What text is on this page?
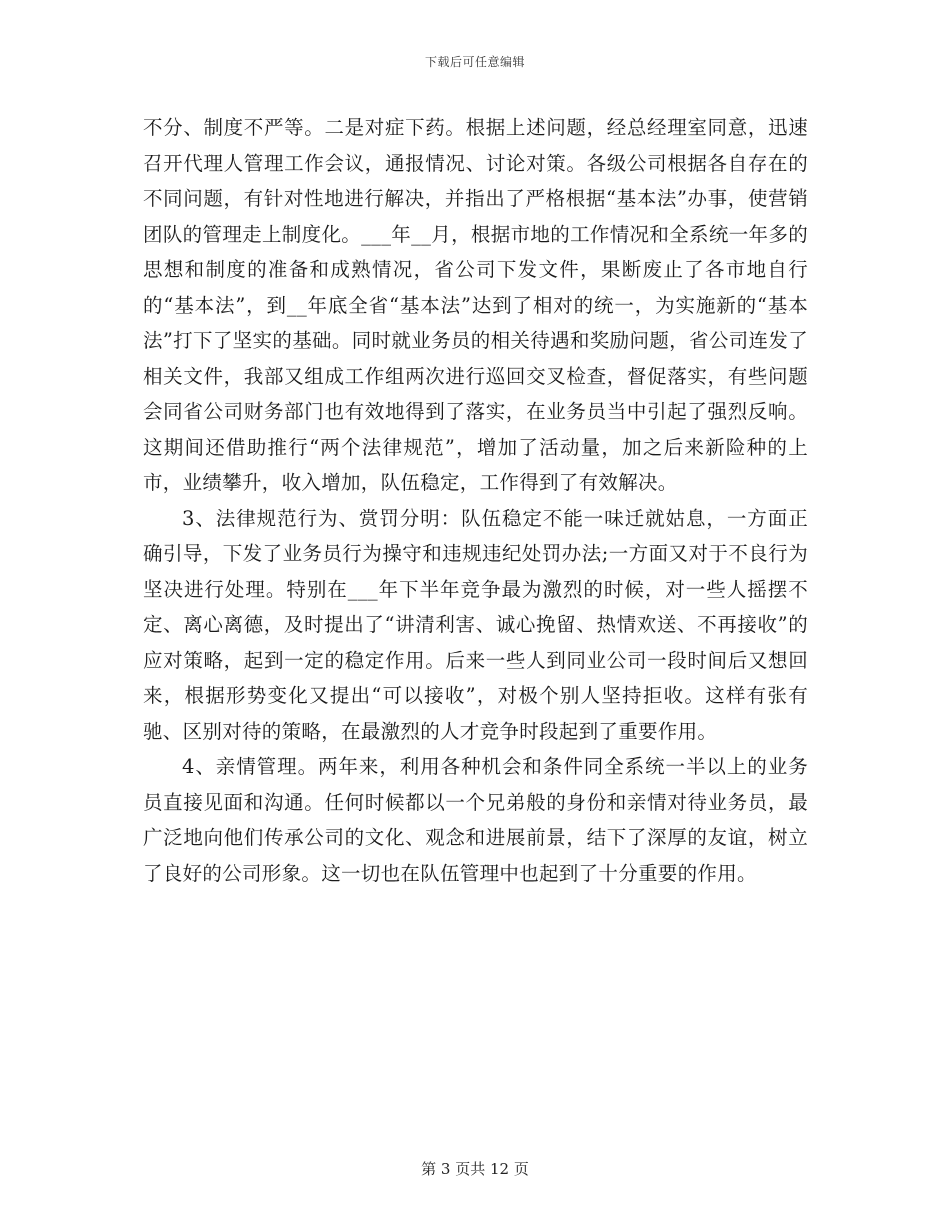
下载后可任意编辑

不分、制度不严等。二是对症下药。根据上述问题，经总经理室同意，迅速召开代理人管理工作会议，通报情况、讨论对策。各级公司根据各自存在的不同问题，有针对性地进行解决，并指出了严格根据“基本法”办事，使营销团队的管理走上制度化。___年__月，根据市地的工作情况和全系统一年多的思想和制度的准备和成熟情况，省公司下发文件，果断废止了各市地自行的“基本法”，到__年底全省“基本法”达到了相对的统一，为实施新的“基本法”打下了坚实的基础。同时就业务员的相关待遇和奖励问题，省公司连发了相关文件，我部又组成工作组两次进行巡回交叉检查，督促落实，有些问题会同省公司财务部门也有效地得到了落实，在业务员当中引起了强烈反响。这期间还借助推行“两个法律规范”，增加了活动量，加之后来新险种的上市，业绩攀升，收入增加，队伍稳定，工作得到了有效解决。

3、法律规范行为、赏罚分明：队伍稳定不能一味迁就姑息，一方面正确引导，下发了业务员行为操守和违规违纪处罚办法;一方面又对于不良行为坚决进行处理。特别在___年下半年竞争最为激烈的时候，对一些人摇摆不定、离心离德，及时提出了“讲清利害、诚心挽留、热情欢送、不再接收”的应对策略，起到一定的稳定作用。后来一些人到同业公司一段时间后又想回来，根据形势变化又提出“可以接收”，对极个别人坚持拒收。这样有张有驰、区别对待的策略，在最激烈的人才竞争时段起到了重要作用。

4、亲情管理。两年来，利用各种机会和条件同全系统一半以上的业务员直接见面和沟通。任何时候都以一个兄弟般的身份和亲情对待业务员，最广泛地向他们传承公司的文化、观念和进展前景，结下了深厚的友谊，树立了良好的公司形象。这一切也在队伍管理中也起到了十分重要的作用。

第 3 页共 12 页
